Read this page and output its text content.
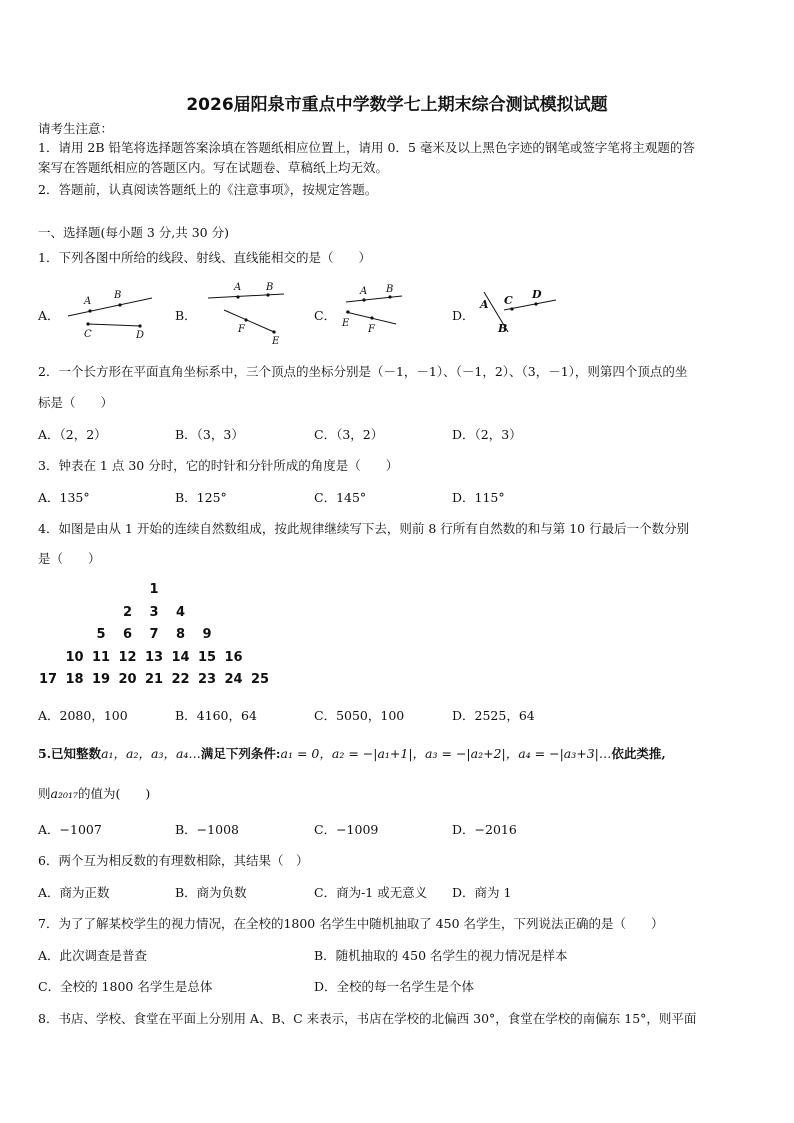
2026届阳泉市重点中学数学七上期末综合测试模拟试题
请考生注意：
1．请用 2B 铅笔将选择题答案涂填在答题纸相应位置上，请用 0．5 毫米及以上黑色字迹的钢笔或签字笔将主观题的答
案写在答题纸相应的答题区内。写在试题卷、草稿纸上均无效。
2．答题前，认真阅读答题纸上的《注意事项》，按规定答题。
一、选择题(每小题 3 分,共 30 分)
1．下列各图中所给的线段、射线、直线能相交的是（　　）
A．
A
B
C	D
B．
A B
F
E
C．
A B
E
F
D．
A C D
B
2．一个长方形在平面直角坐标系中，三个顶点的坐标分别是（－1，－1）、（－1，2）、（3，－1），则第四个顶点的坐
标是（　　）
A．（2，2）	B．（3，3）	C．（3，2）	D．（2，3）
3．钟表在 1 点 30 分时，它的时针和分针所成的角度是（　　）
A．135°	B．125°	C．145°	D．115°
4．如图是由从 1 开始的连续自然数组成，按此规律继续写下去，则前 8 行所有自然数的和与第 10 行最后一个数分别
是（　　）
1
2	3	4
5	6	7	8	9
10 11 12 13 14 15 16
17 18 19 20 21 22 23 24 25
A．2080，100	B．4160，64	C．5050，100	D．2525，64
5.已知整数a₁，a₂，a₃，a₄…满足下列条件:a₁ = 0，a₂ = −|a₁+1|，a₃ = −|a₂+2|，a₄ = −|a₃+3|…依此类推,
则a₂₀₁₇的值为(　　)
A．−1007	B．−1008	C．−1009	D．−2016
6．两个互为相反数的有理数相除，其结果（　）
A．商为正数	B．商为负数	C．商为-1 或无意义 D．商为 1
7．为了了解某校学生的视力情况，在全校的1800 名学生中随机抽取了 450 名学生，下列说法正确的是（　　）
A．此次调查是普查	B．随机抽取的 450 名学生的视力情况是样本
C．全校的 1800 名学生是总体	D．全校的每一名学生是个体
8．书店、学校、食堂在平面上分别用 A、B、C 来表示，书店在学校的北偏西 30°，食堂在学校的南偏东 15°，则平面
